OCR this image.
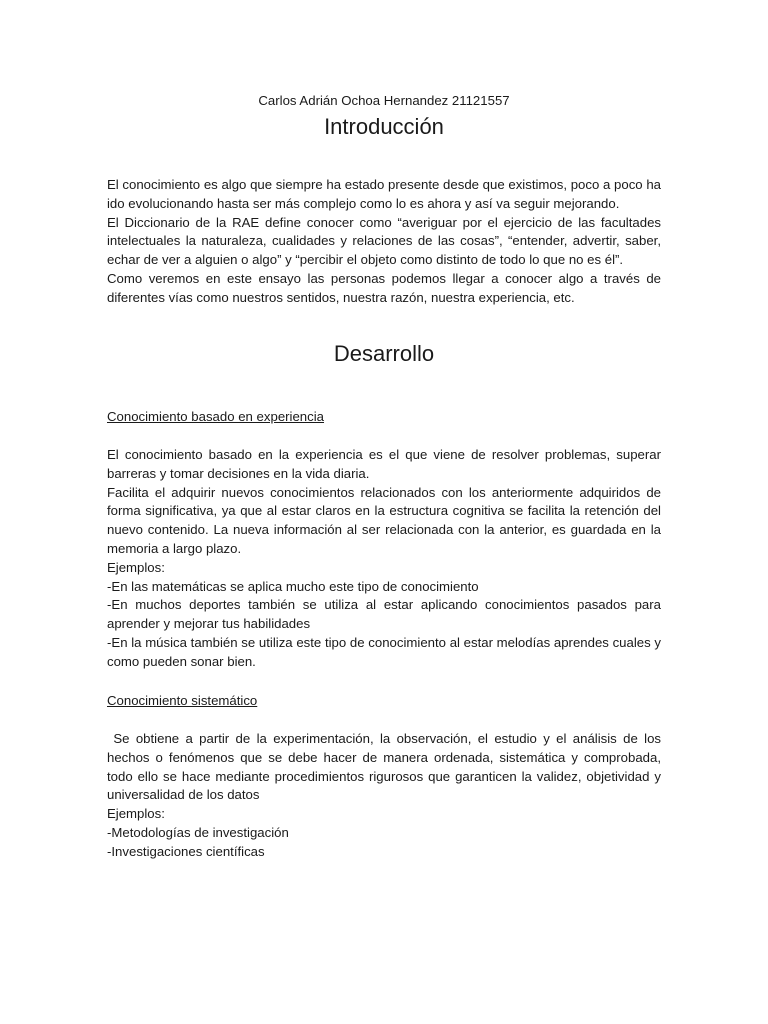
Carlos Adrián Ochoa Hernandez 21121557
Introducción

El conocimiento es algo que siempre ha estado presente desde que existimos, poco a poco ha ido evolucionando hasta ser más complejo como lo es ahora y así va seguir mejorando.

El Diccionario de la RAE define conocer como “averiguar por el ejercicio de las facultades intelectuales la naturaleza, cualidades y relaciones de las cosas”, “entender, advertir, saber, echar de ver a alguien o algo” y “percibir el objeto como distinto de todo lo que no es él”.

Como veremos en este ensayo las personas podemos llegar a conocer algo a través de diferentes vías como nuestros sentidos, nuestra razón, nuestra experiencia, etc.

Desarrollo
Conocimiento basado en experiencia

El conocimiento basado en la experiencia es el que viene de resolver problemas, superar barreras y tomar decisiones en la vida diaria.

Facilita el adquirir nuevos conocimientos relacionados con los anteriormente adquiridos de forma significativa, ya que al estar claros en la estructura cognitiva se facilita la retención del nuevo contenido. La nueva información al ser relacionada con la anterior, es guardada en la memoria a largo plazo.

Ejemplos:

-En las matemáticas se aplica mucho este tipo de conocimiento

-En muchos deportes también se utiliza al estar aplicando conocimientos pasados para aprender y mejorar tus habilidades

-En la música también se utiliza este tipo de conocimiento al estar melodías aprendes cuales y como pueden sonar bien.

Conocimiento sistemático

Se obtiene a partir de la experimentación, la observación, el estudio y el análisis de los hechos o fenómenos que se debe hacer de manera ordenada, sistemática y comprobada, todo ello se hace mediante procedimientos rigurosos que garanticen la validez, objetividad y universalidad de los datos

Ejemplos:

-Metodologías de investigación

-Investigaciones científicas
